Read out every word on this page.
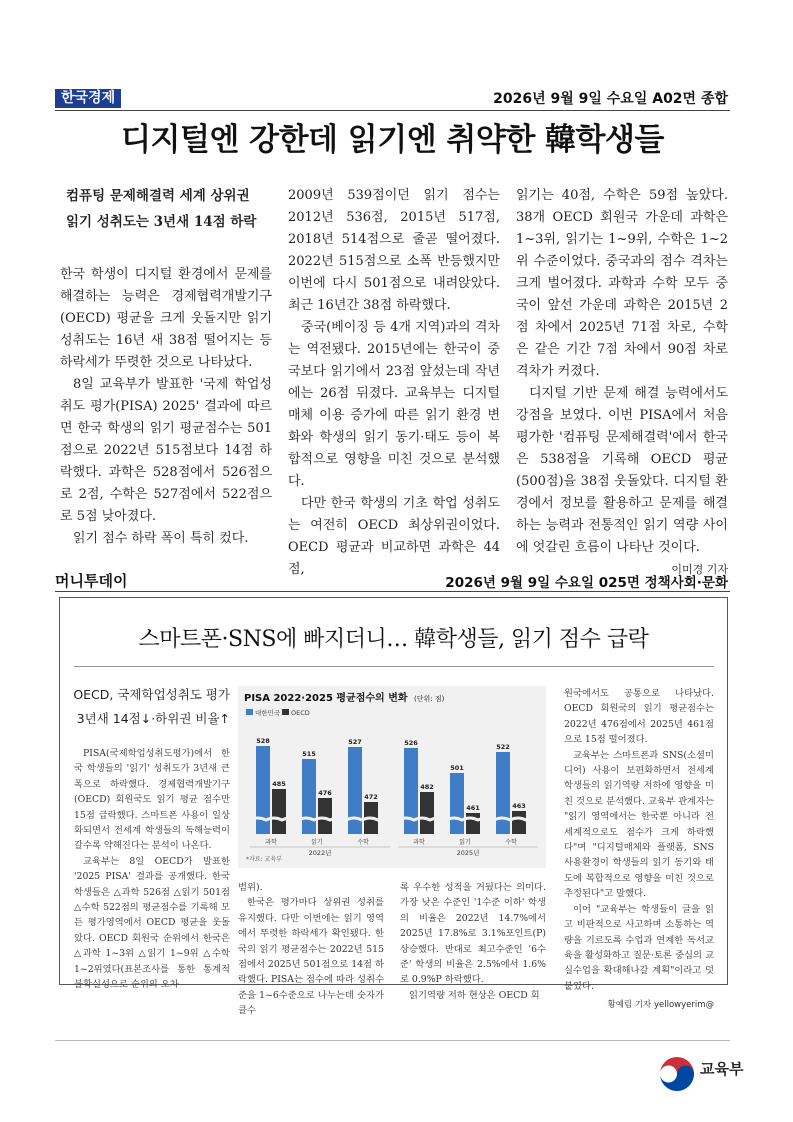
한국경제	2026년 9월 9일 수요일 A02면 종합
디지털엔 강한데 읽기엔 취약한 韓학생들
컴퓨팅 문제해결력 세계 상위권
읽기 성취도는 3년새 14점 하락

한국 학생이 디지털 환경에서 문제를 해결하는 능력은 경제협력개발기구(OECD) 평균을 크게 웃돌지만 읽기 성취도는 16년 새 38점 떨어지는 등 하락세가 뚜렷한 것으로 나타났다.

8일 교육부가 발표한 '국제 학업성취도 평가(PISA) 2025' 결과에 따르면 한국 학생의 읽기 평균점수는 501점으로 2022년 515점보다 14점 하락했다. 과학은 528점에서 526점으로 2점, 수학은 527점에서 522점으로 5점 낮아졌다.

읽기 점수 하락 폭이 특히 컸다.

2009년 539점이던 읽기 점수는 2012년 536점, 2015년 517점, 2018년 514점으로 줄곧 떨어졌다. 2022년 515점으로 소폭 반등했지만 이번에 다시 501점으로 내려앉았다. 최근 16년간 38점 하락했다.

중국(베이징 등 4개 지역)과의 격차는 역전됐다. 2015년에는 한국이 중국보다 읽기에서 23점 앞섰는데 작년에는 26점 뒤졌다. 교육부는 디지털 매체 이용 증가에 따른 읽기 환경 변화와 학생의 읽기 동기·태도 등이 복합적으로 영향을 미친 것으로 분석했다.

다만 한국 학생의 기초 학업 성취도는 여전히 OECD 최상위권이었다. OECD 평균과 비교하면 과학은 44점,

읽기는 40점, 수학은 59점 높았다. 38개 OECD 회원국 가운데 과학은 1~3위, 읽기는 1~9위, 수학은 1~2위 수준이었다. 중국과의 점수 격차는 크게 벌어졌다. 과학과 수학 모두 중국이 앞선 가운데 과학은 2015년 2점 차에서 2025년 71점 차로, 수학은 같은 기간 7점 차에서 90점 차로 격차가 커졌다.

디지털 기반 문제 해결 능력에서도 강점을 보였다. 이번 PISA에서 처음 평가한 '컴퓨팅 문제해결력'에서 한국은 538점을 기록해 OECD 평균(500점)을 38점 웃돌았다. 디지털 환경에서 정보를 활용하고 문제를 해결하는 능력과 전통적인 읽기 역량 사이에 엇갈린 흐름이 나타난 것이다.
이미경 기자

머니투데이	2026년 9월 9일 수요일 025면 정책사회·문화
스마트폰·SNS에 빠지더니… 韓학생들, 읽기 점수 급락
OECD, 국제학업성취도 평가
3년새 14점↓·하위권 비율↑

PISA(국제학업성취도평가)에서 한국 학생들의 '읽기' 성취도가 3년새 큰 폭으로 하락했다. 경제협력개발기구(OECD) 회원국도 읽기 평균 점수만 15점 급락했다. 스마트폰 사용이 일상화되면서 전세계 학생들의 독해능력이 갈수록 약해진다는 분석이 나온다.

교육부는 8일 OECD가 발표한 '2025 PISA' 결과를 공개했다. 한국 학생들은 △과학 526점 △읽기 501점 △수학 522점의 평균점수를 기록해 모든 평가영역에서 OECD 평균을 웃돌았다. OECD 회원국 순위에서 한국은 △과학 1~3위 △읽기 1~9위 △수학 1~2위였다(표본조사를 통한 통계적 불확실성으로 순위의 오차

PISA 2022·2025 평균점수의 변화 (단위: 점)
대한민국 OECD
528
485
과학
515
476
읽기
527
472
수학
2022년
526
482
과학
501
461
읽기
522
463
수학
2025년
*자료: 교육부

범위).

한국은 평가마다 상위권 성취를 유지했다. 다만 이번에는 읽기 영역에서 뚜렷한 하락세가 확인됐다. 한국의 읽기 평균점수는 2022년 515점에서 2025년 501점으로 14점 하락했다. PISA는 점수에 따라 성취수준을 1~6수준으로 나누는데 숫자가 클수

록 우수한 성적을 거뒀다는 의미다. 가장 낮은 수준인 '1수준 이하' 학생의 비율은 2022년 14.7%에서 2025년 17.8%로 3.1%포인트(P) 상승했다. 반대로 최고수준인 '6수준' 학생의 비율은 2.5%에서 1.6%로 0.9%P 하락했다.

읽기역량 저하 현상은 OECD 회

원국에서도 공통으로 나타났다. OECD 회원국의 읽기 평균점수는 2022년 476점에서 2025년 461점으로 15점 떨어졌다.

교육부는 스마트폰과 SNS(소셜미디어) 사용이 보편화하면서 전세계 학생들의 읽기역량 저하에 영향을 미친 것으로 분석했다. 교육부 관계자는 "읽기 영역에서는 한국뿐 아니라 전세계적으로도 점수가 크게 하락했다"며 "디지털매체와 플랫폼, SNS 사용환경이 학생들의 읽기 동기와 태도에 복합적으로 영향을 미친 것으로 추정된다"고 말했다.

이어 "교육부는 학생들이 글을 읽고 비판적으로 사고하며 소통하는 역량을 기르도록 수업과 연계한 독서교육을 활성화하고 질문·토론 중심의 교실수업을 확대해나갈 계획"이라고 덧붙였다.

황예림 기자 yellowyerim@
교육부
